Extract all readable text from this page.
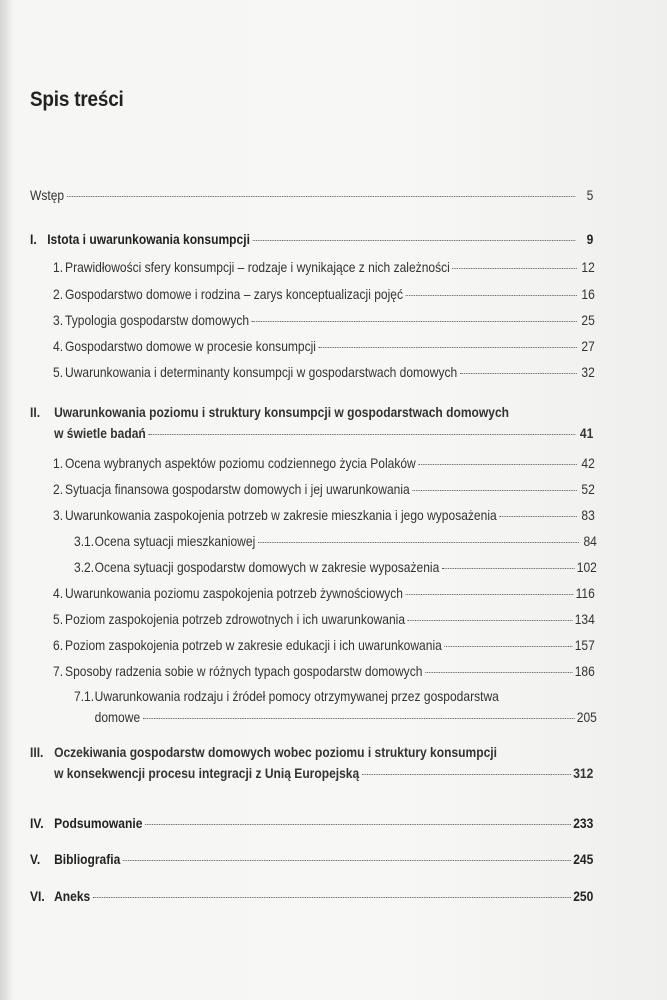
Spis treści
Wstęp	5
I. Istota i uwarunkowania konsumpcji	9
1. Prawidłowości sfery konsumpcji – rodzaje i wynikające z nich zależności	12
2. Gospodarstwo domowe i rodzina – zarys konceptualizacji pojęć	16
3. Typologia gospodarstw domowych	25
4. Gospodarstwo domowe w procesie konsumpcji	27
5. Uwarunkowania i determinanty konsumpcji w gospodarstwach domowych	32
II. Uwarunkowania poziomu i struktury konsumpcji w gospodarstwach domowych
w świetle badań	41
1. Ocena wybranych aspektów poziomu codziennego życia Polaków	42
2. Sytuacja finansowa gospodarstw domowych i jej uwarunkowania	52
3. Uwarunkowania zaspokojenia potrzeb w zakresie mieszkania i jego wyposażenia	83
3.1. Ocena sytuacji mieszkaniowej	84
3.2. Ocena sytuacji gospodarstw domowych w zakresie wyposażenia	102
4. Uwarunkowania poziomu zaspokojenia potrzeb żywnościowych	116
5. Poziom zaspokojenia potrzeb zdrowotnych i ich uwarunkowania	134
6. Poziom zaspokojenia potrzeb w zakresie edukacji i ich uwarunkowania	157
7. Sposoby radzenia sobie w różnych typach gospodarstw domowych	186
7.1.Uwarunkowania rodzaju i źródeł pomocy otrzymywanej przez gospodarstwa
domowe	205
III. Oczekiwania gospodarstw domowych wobec poziomu i struktury konsumpcji
w konsekwencji procesu integracji z Unią Europejską	312
IV. Podsumowanie	233
V. Bibliografia	245
VI. Aneks	250
